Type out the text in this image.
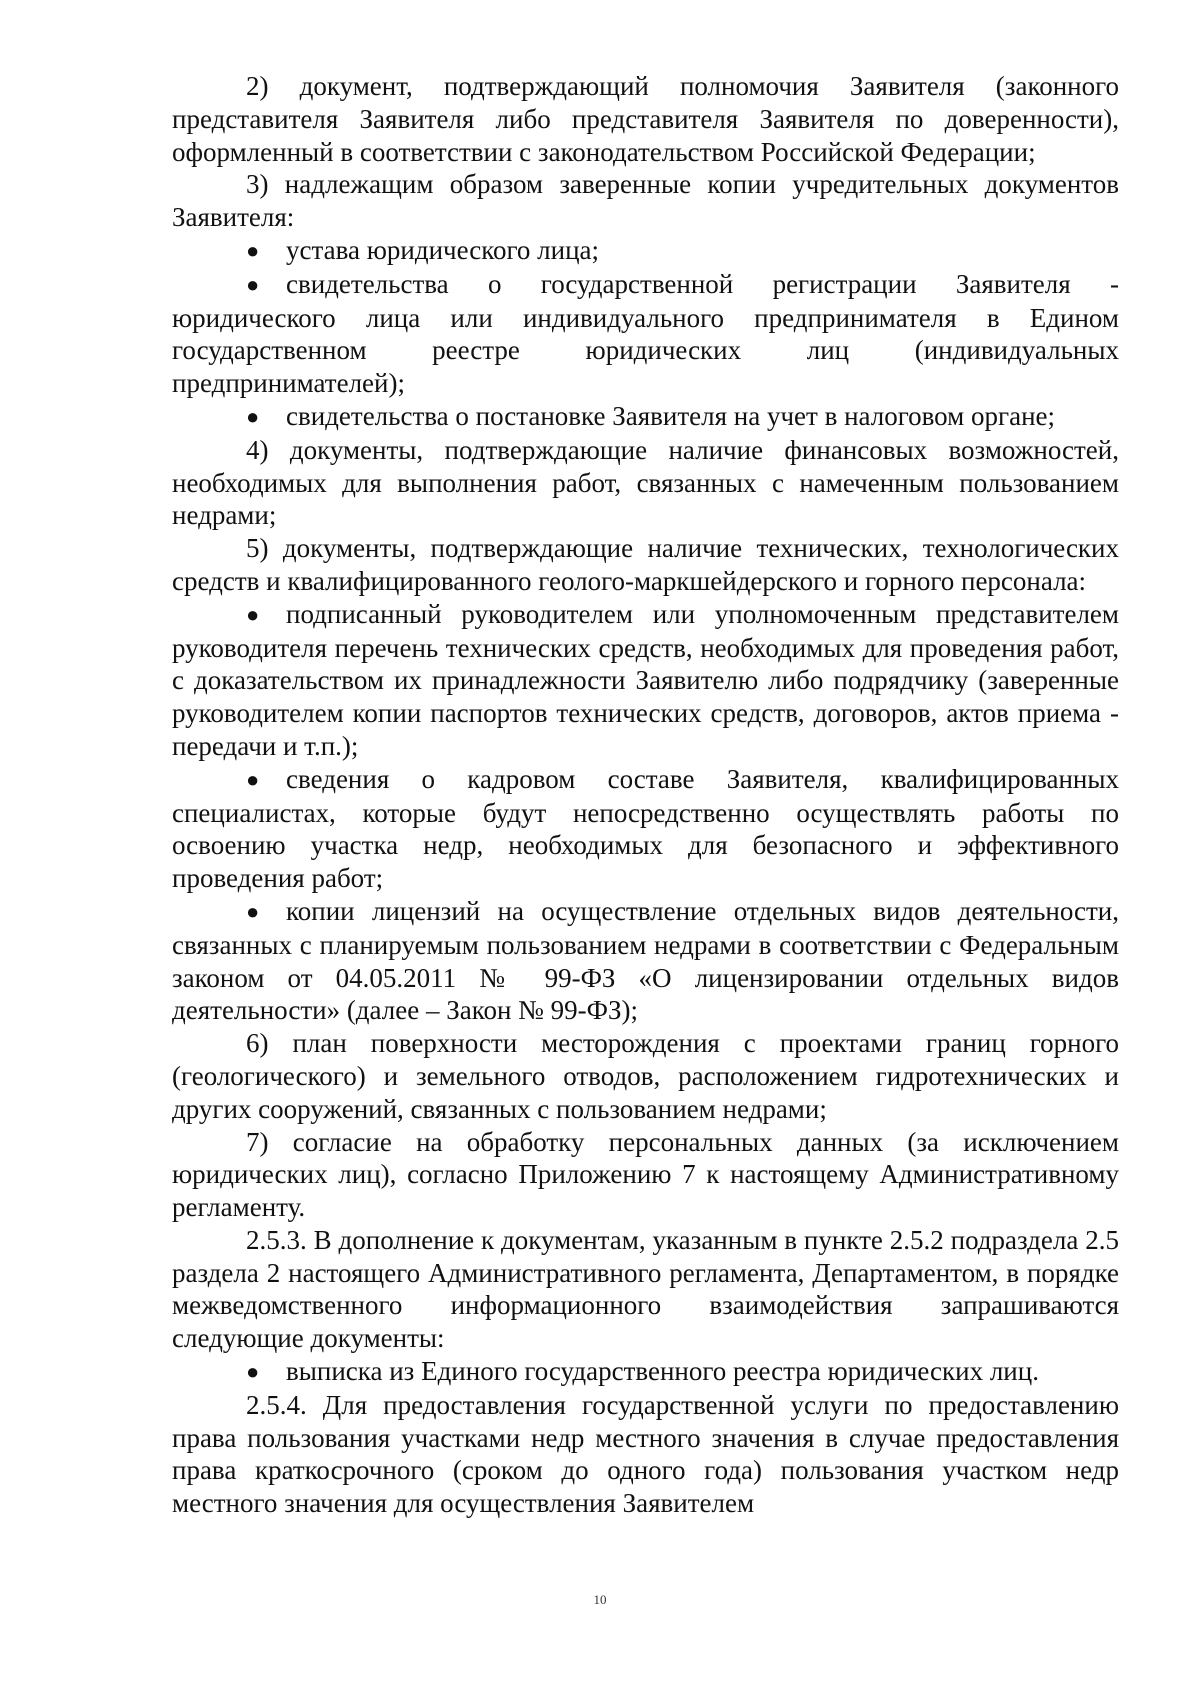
2) документ, подтверждающий полномочия Заявителя (законного представителя Заявителя либо представителя Заявителя по доверенности), оформленный в соответствии с законодательством Российской Федерации;

3) надлежащим образом заверенные копии учредительных документов Заявителя:

● устава юридического лица;

● свидетельства о государственной регистрации Заявителя - юридического лица или индивидуального предпринимателя в Едином государственном реестре юридических лиц (индивидуальных предпринимателей);

● свидетельства о постановке Заявителя на учет в налоговом органе;

4) документы, подтверждающие наличие финансовых возможностей, необходимых для выполнения работ, связанных с намеченным пользованием недрами;

5) документы, подтверждающие наличие технических, технологических средств и квалифицированного геолого-маркшейдерского и горного персонала:

● подписанный руководителем или уполномоченным представителем руководителя перечень технических средств, необходимых для проведения работ, с доказательством их принадлежности Заявителю либо подрядчику (заверенные руководителем копии паспортов технических средств, договоров, актов приема - передачи и т.п.);

● сведения о кадровом составе Заявителя, квалифицированных специалистах, которые будут непосредственно осуществлять работы по освоению участка недр, необходимых для безопасного и эффективного проведения работ;

● копии лицензий на осуществление отдельных видов деятельности, связанных с планируемым пользованием недрами в соответствии с Федеральным законом от 04.05.2011 № 99-ФЗ «О лицензировании отдельных видов деятельности» (далее – Закон № 99-ФЗ);

6) план поверхности месторождения с проектами границ горного (геологического) и земельного отводов, расположением гидротехнических и других сооружений, связанных с пользованием недрами;

7) согласие на обработку персональных данных (за исключением юридических лиц), согласно Приложению 7 к настоящему Административному регламенту.

2.5.3. В дополнение к документам, указанным в пункте 2.5.2 подраздела 2.5 раздела 2 настоящего Административного регламента, Департаментом, в порядке межведомственного информационного взаимодействия запрашиваются следующие документы:

● выписка из Единого государственного реестра юридических лиц.

2.5.4. Для предоставления государственной услуги по предоставлению права пользования участками недр местного значения в случае предоставления права краткосрочного (сроком до одного года) пользования участком недр местного значения для осуществления Заявителем

10
